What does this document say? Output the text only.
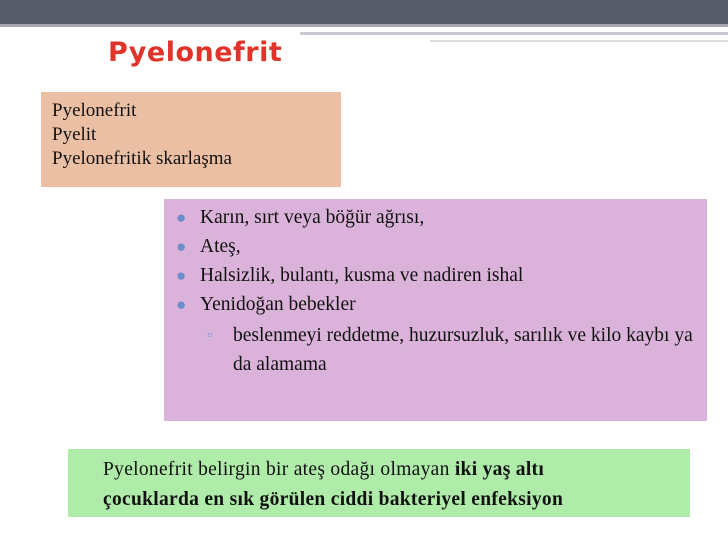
Pyelonefrit
Pyelonefrit
Pyelit
Pyelonefritik skarlaşma
● Karın, sırt veya böğür ağrısı,
● Ateş,
● Halsizlik, bulantı, kusma ve nadiren ishal
● Yenidoğan bebekler
▫ beslenmeyi reddetme, huzursuzluk, sarılık ve kilo kaybı ya da alamama
Pyelonefrit belirgin bir ateş odağı olmayan iki yaş altı
çocuklarda en sık görülen ciddi bakteriyel enfeksiyon
